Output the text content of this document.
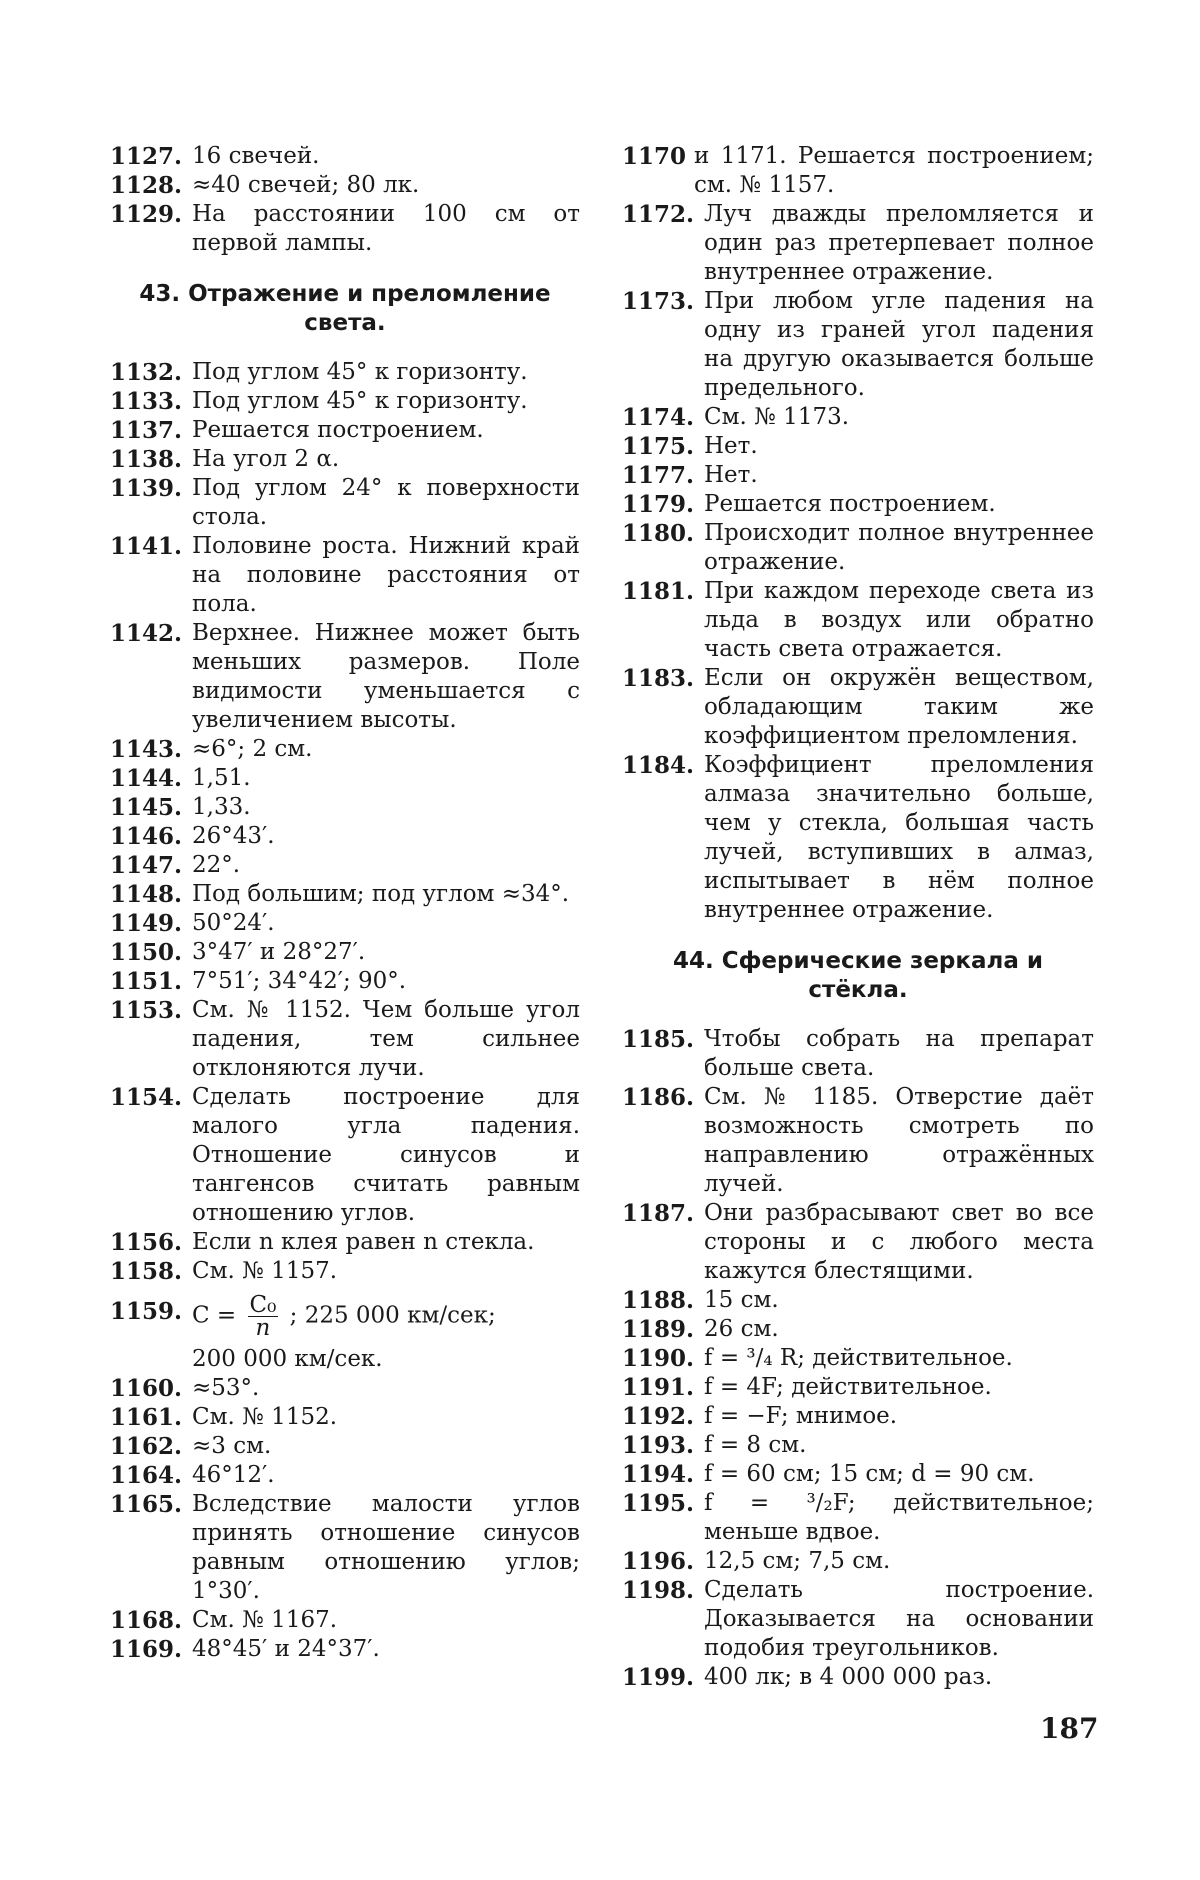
1127. 16 свечей.
1128. ≈40 свечей; 80 лк.
1129. На расстоянии 100 см от первой лампы.
43. Отражение и преломление света.
1132. Под углом 45° к горизонту.
1133. Под углом 45° к горизонту.
1137. Решается построением.
1138. На угол 2 α.
1139. Под углом 24° к поверхности стола.
1141. Половине роста. Нижний край на половине расстояния от пола.
1142. Верхнее. Нижнее может быть меньших размеров. Поле видимости уменьшается с увеличением высоты.
1143. ≈6°; 2 см.
1144. 1,51.
1145. 1,33.
1146. 26°43′.
1147. 22°.
1148. Под большим; под углом ≈34°.
1149. 50°24′.
1150. 3°47′ и 28°27′.
1151. 7°51′; 34°42′; 90°.
1153. См. № 1152. Чем больше угол падения, тем сильнее отклоняются лучи.
1154. Сделать построение для малого угла падения. Отношение синусов и тангенсов считать равным отношению углов.
1156. Если n клея равен n стекла.
1158. См. № 1157.
1159. $C = \frac{\text{C₀}}{n}$ ; 225 000 км/сек;
200 000 км/сек.
1160. ≈53°.
1161. См. № 1152.
1162. ≈3 см.
1164. 46°12′.
1165. Вследствие малости углов принять отношение синусов равным отношению углов; 1°30′.
1168. См. № 1167.
1169. 48°45′ и 24°37′.
1170 и 1171. Решается построением; см. № 1157.
1172. Луч дважды преломляется и один раз претерпевает полное внутреннее отражение.
1173. При любом угле падения на одну из граней угол падения на другую оказывается больше предельного.
1174. См. № 1173.
1175. Нет.
1177. Нет.
1179. Решается построением.
1180. Происходит полное внутреннее отражение.
1181. При каждом переходе света из льда в воздух или обратно часть света отражается.
1183. Если он окружён веществом, обладающим таким же коэффициентом преломления.
1184. Коэффициент преломления алмаза значительно больше, чем у стекла, большая часть лучей, вступивших в алмаз, испытывает в нём полное внутреннее отражение.
44. Сферические зеркала и стёкла.
1185. Чтобы собрать на препарат больше света.
1186. См. № 1185. Отверстие даёт возможность смотреть по направлению отражённых лучей.
1187. Они разбрасывают свет во все стороны и с любого места кажутся блестящими.
1188. 15 см.
1189. 26 см.
1190. f = ³/₄ R; действительное.
1191. f = 4F; действительное.
1192. f = −F; мнимое.
1193. f = 8 см.
1194. f = 60 см; 15 см; d = 90 см.
1195. f = ³/₂F; действительное; меньше вдвое.
1196. 12,5 см; 7,5 см.
1198. Сделать построение. Доказывается на основании подобия треугольников.
1199. 400 лк; в 4 000 000 раз.
187
